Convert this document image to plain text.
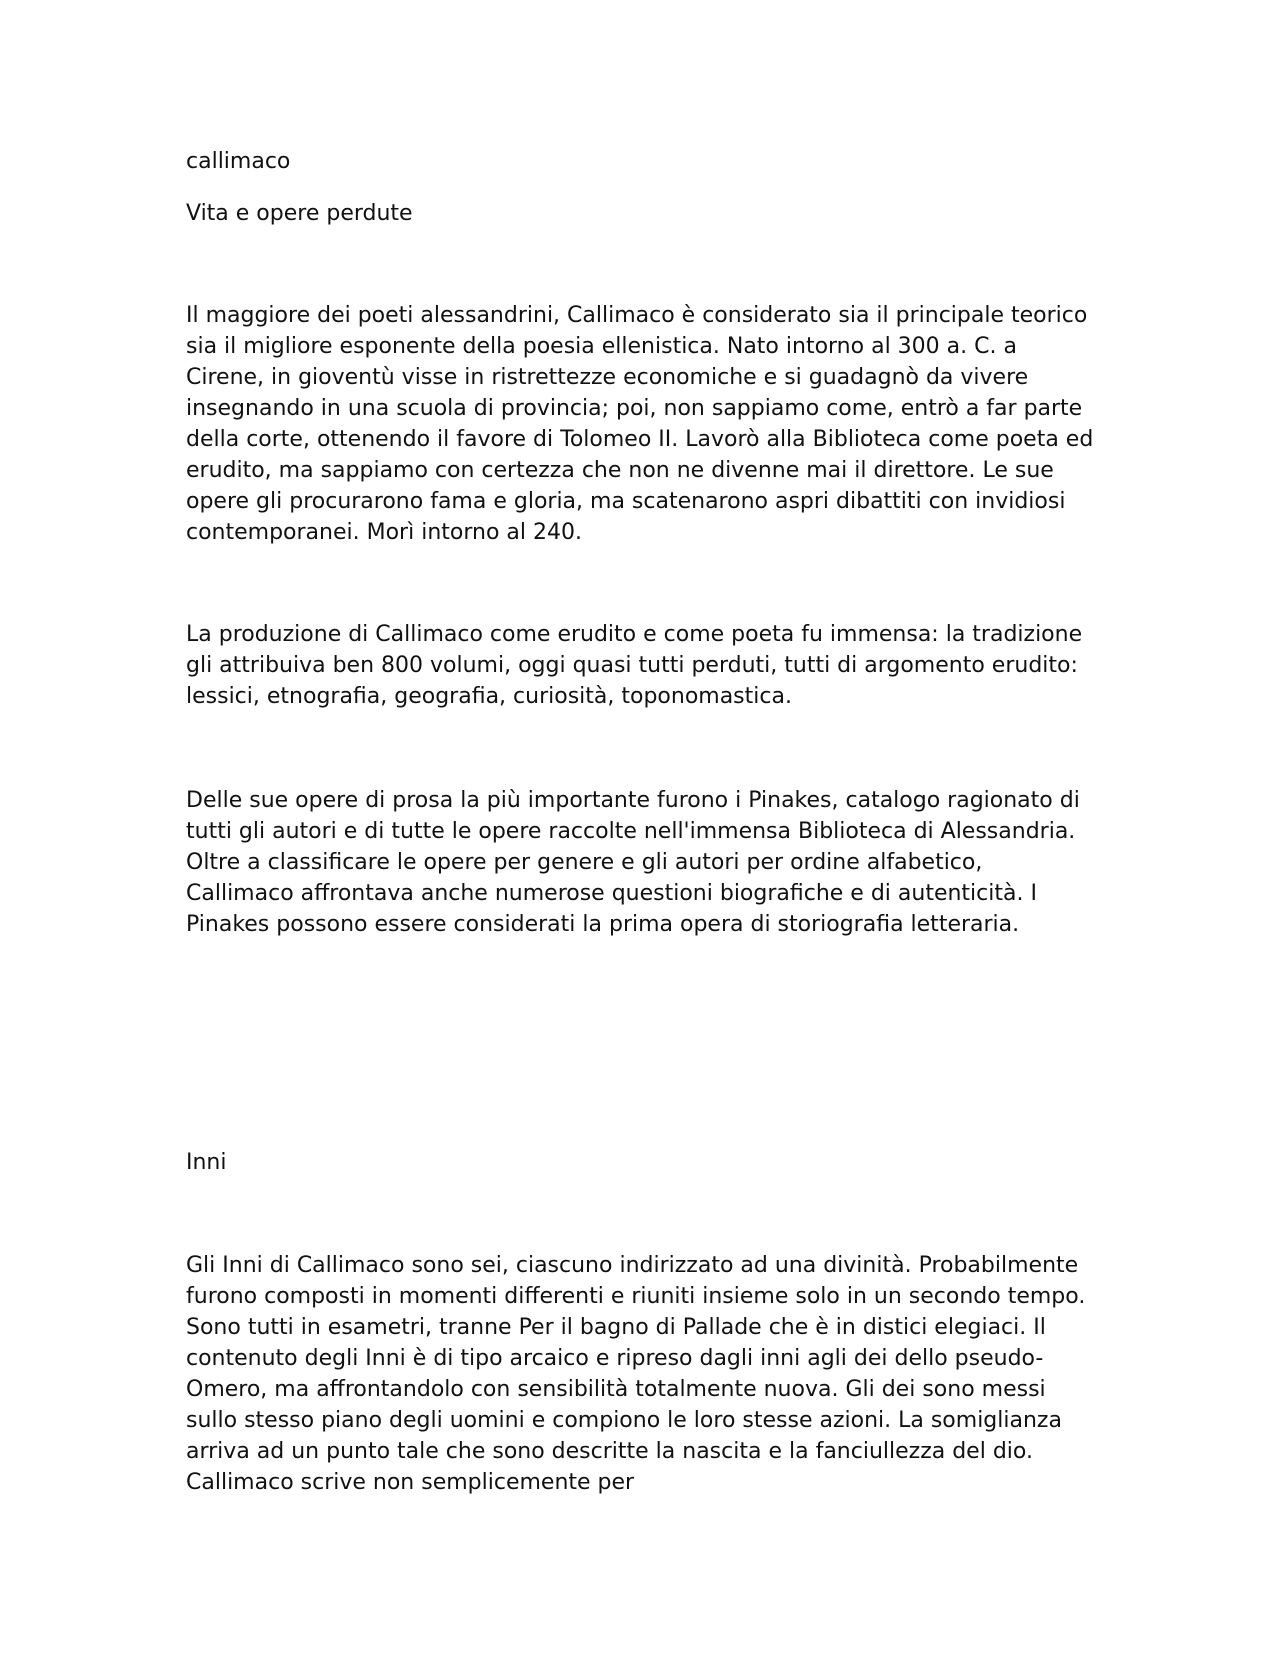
callimaco

Vita e opere perdute

Il maggiore dei poeti alessandrini, Callimaco è considerato sia il principale teorico sia il migliore esponente della poesia ellenistica. Nato intorno al 300 a. C. a Cirene, in gioventù visse in ristrettezze economiche e si guadagnò da vivere insegnando in una scuola di provincia; poi, non sappiamo come, entrò a far parte della corte, ottenendo il favore di Tolomeo II. Lavorò alla Biblioteca come poeta ed erudito, ma sappiamo con certezza che non ne divenne mai il direttore. Le sue opere gli procurarono fama e gloria, ma scatenarono aspri dibattiti con invidiosi contemporanei. Morì intorno al 240.

La produzione di Callimaco come erudito e come poeta fu immensa: la tradizione gli attribuiva ben 800 volumi, oggi quasi tutti perduti, tutti di argomento erudito: lessici, etnografia, geografia, curiosità, toponomastica.

Delle sue opere di prosa la più importante furono i Pinakes, catalogo ragionato di tutti gli autori e di tutte le opere raccolte nell'immensa Biblioteca di Alessandria. Oltre a classificare le opere per genere e gli autori per ordine alfabetico, Callimaco affrontava anche numerose questioni biografiche e di autenticità. I Pinakes possono essere considerati la prima opera di storiografia letteraria.

Inni

Gli Inni di Callimaco sono sei, ciascuno indirizzato ad una divinità. Probabilmente furono composti in momenti differenti e riuniti insieme solo in un secondo tempo. Sono tutti in esametri, tranne Per il bagno di Pallade che è in distici elegiaci. Il contenuto degli Inni è di tipo arcaico e ripreso dagli inni agli dei dello pseudo-Omero, ma affrontandolo con sensibilità totalmente nuova. Gli dei sono messi sullo stesso piano degli uomini e compiono le loro stesse azioni. La somiglianza arriva ad un punto tale che sono descritte la nascita e la fanciullezza del dio. Callimaco scrive non semplicemente per
